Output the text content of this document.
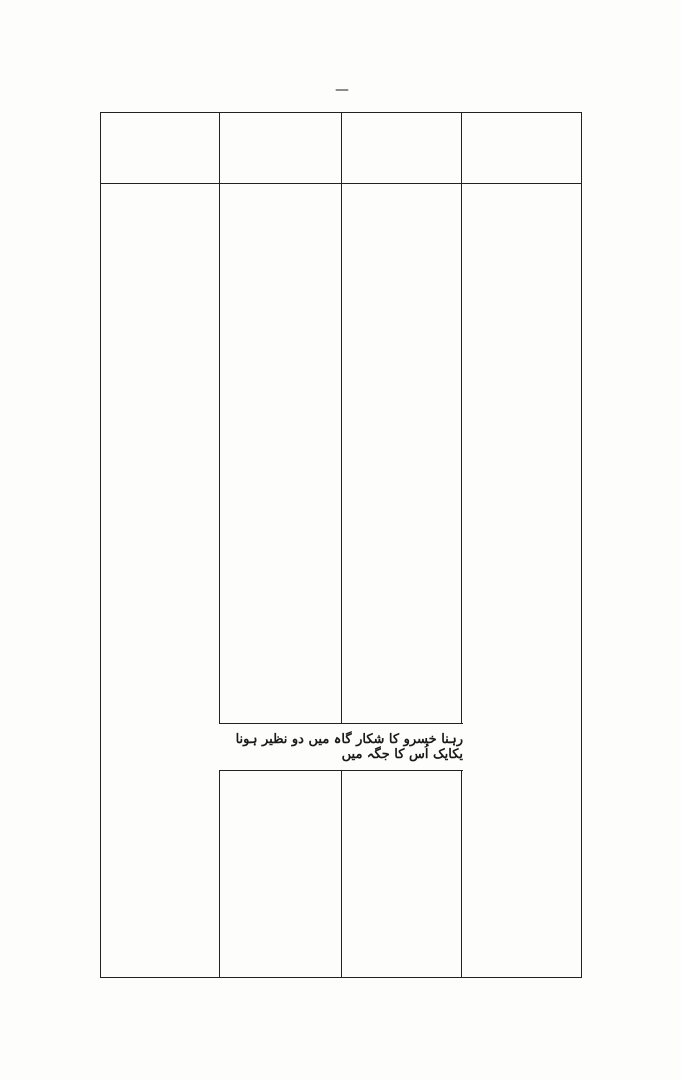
—
رہنا خسرو کا شکار گاہ میں دو نظیر ہونا یکایک اُس کا جگہ میں
